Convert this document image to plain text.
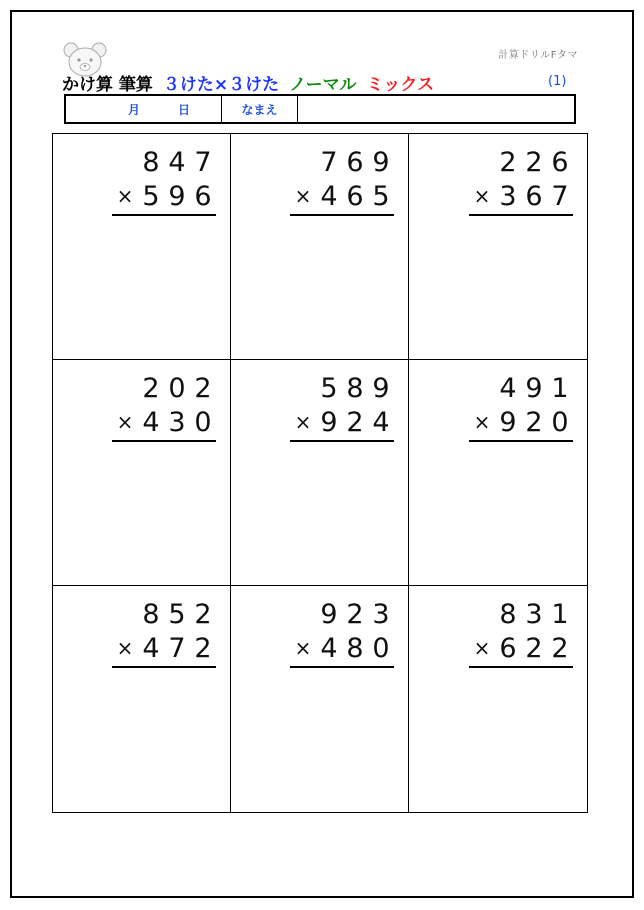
計算ドリルFタマ
かけ算 筆算 ３けた×３けた ノーマル ミックス	(1)
月	日	なまえ
8 4 7
× 5 9 6
7 6 9
× 4 6 5
2 2 6
× 3 6 7
2 0 2
× 4 3 0
5 8 9
× 9 2 4
4 9 1
× 9 2 0
8 5 2
× 4 7 2
9 2 3
× 4 8 0
8 3 1
× 6 2 2
